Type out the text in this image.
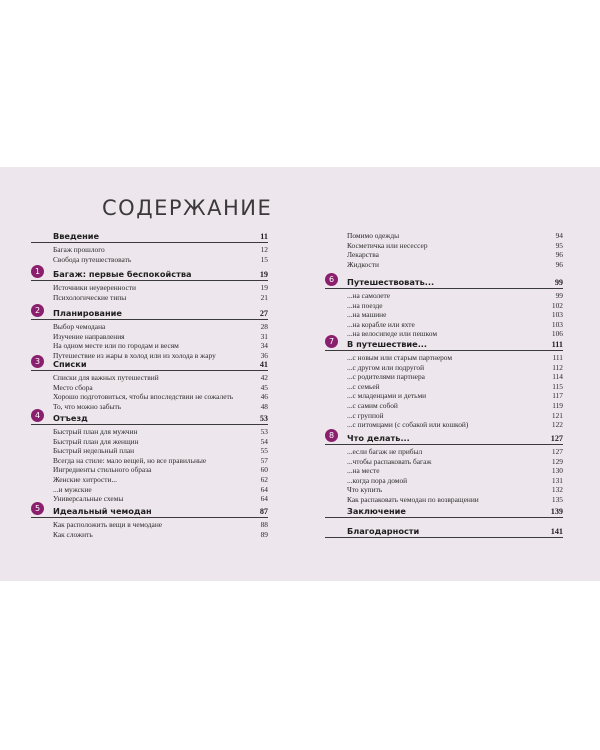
СОДЕРЖАНИЕ
Введение	11
Багаж прошлого	12
Свобода путешествовать	15
1	Багаж: первые беспокойства	19
Источники неуверенности	19
Психологические типы	21
2	Планирование	27
Выбор чемодана	28
Изучение направления	31
На одном месте или по городам и весям	34
Путешествие из жары в холод или из холода в жару	36
3	Списки	41
Списки для важных путешествий	42
Место сбора	45
Хорошо подготовиться, чтобы впоследствии не сожалеть	46
То, что можно забыть	48
4	Отъезд	53
Быстрый план для мужчин	53
Быстрый план для женщин	54
Быстрый недельный план	55
Всегда на стиле: мало вещей, но все правильные	57
Ингредиенты стильного образа	60
Женские хитрости...	62
...и мужские	64
Универсальные схемы	64
5	Идеальный чемодан	87
Как расположить вещи в чемодане	88
Как сложить	89
Помимо одежды	94
Косметичка или несессер	95
Лекарства	96
Жидкости	96
6	Путешествовать...	99
...на самолете	99
...на поезде	102
...на машине	103
...на корабле или яхте	103
...на велосипеде или пешком	106
7	В путешествие...	111
...с новым или старым партнером	111
...с другом или подругой	112
...с родителями партнера	114
...с семьей	115
...с младенцами и детьми	117
...с самим собой	119
...с группой	121
...с питомцами (с собакой или кошкой)	122
8	Что делать...	127
...если багаж не прибыл	127
...чтобы распаковать багаж	129
...на месте	130
...когда пора домой	131
Что купить	132
Как распаковать чемодан по возвращении	135
Заключение	139
Благодарности	141
